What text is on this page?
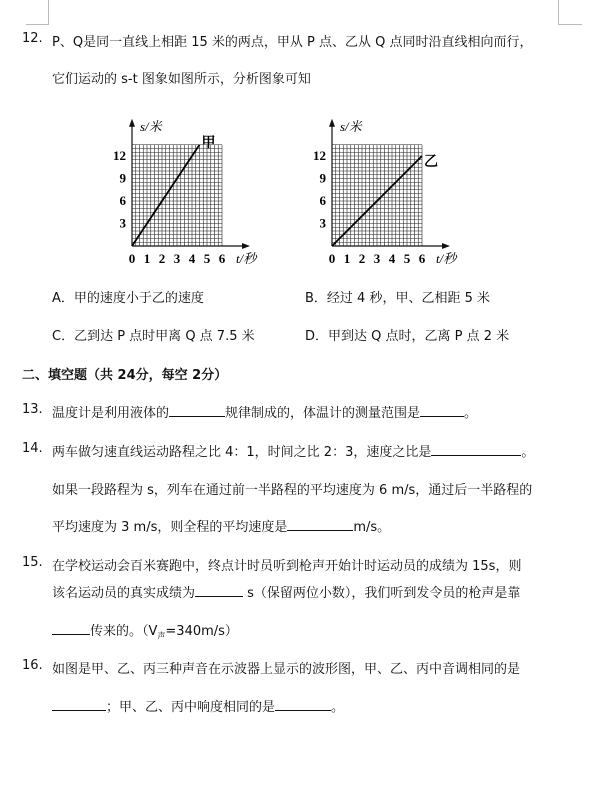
12. P、Q是同一直线上相距 15 米的两点，甲从 P 点、乙从 Q 点同时沿直线相向而行，
它们运动的 s-t 图象如图所示，分析图象可知
0 1 2 3 4 5 6
3
6
9
12
s/米
t/秒
甲
0 1 2 3 4 5 6
3
6
9
12
s/米
t/秒
乙
A．甲的速度小于乙的速度	B．经过 4 秒，甲、乙相距 5 米
C．乙到达 P 点时甲离 Q 点 7.5 米	D．甲到达 Q 点时，乙离 P 点 2 米
二、填空题（共 24分，每空 2分）
13. 温度计是利用液体的	规律制成的，体温计的测量范围是	。
14. 两车做匀速直线运动路程之比 4：1，时间之比 2：3，速度之比是	。
如果一段路程为 s，列车在通过前一半路程的平均速度为 6 m/s，通过后一半路程的
平均速度为 3 m/s，则全程的平均速度是	m/s。
15. 在学校运动会百米赛跑中，终点计时员听到枪声开始计时运动员的成绩为 15s，则
该名运动员的真实成绩为	s（保留两位小数），我们听到发令员的枪声是靠
传来的。$(V_声=340m/s)$
16. 如图是甲、乙、丙三种声音在示波器上显示的波形图，甲、乙、丙中音调相同的是
；甲、乙、丙中响度相同的是	。
